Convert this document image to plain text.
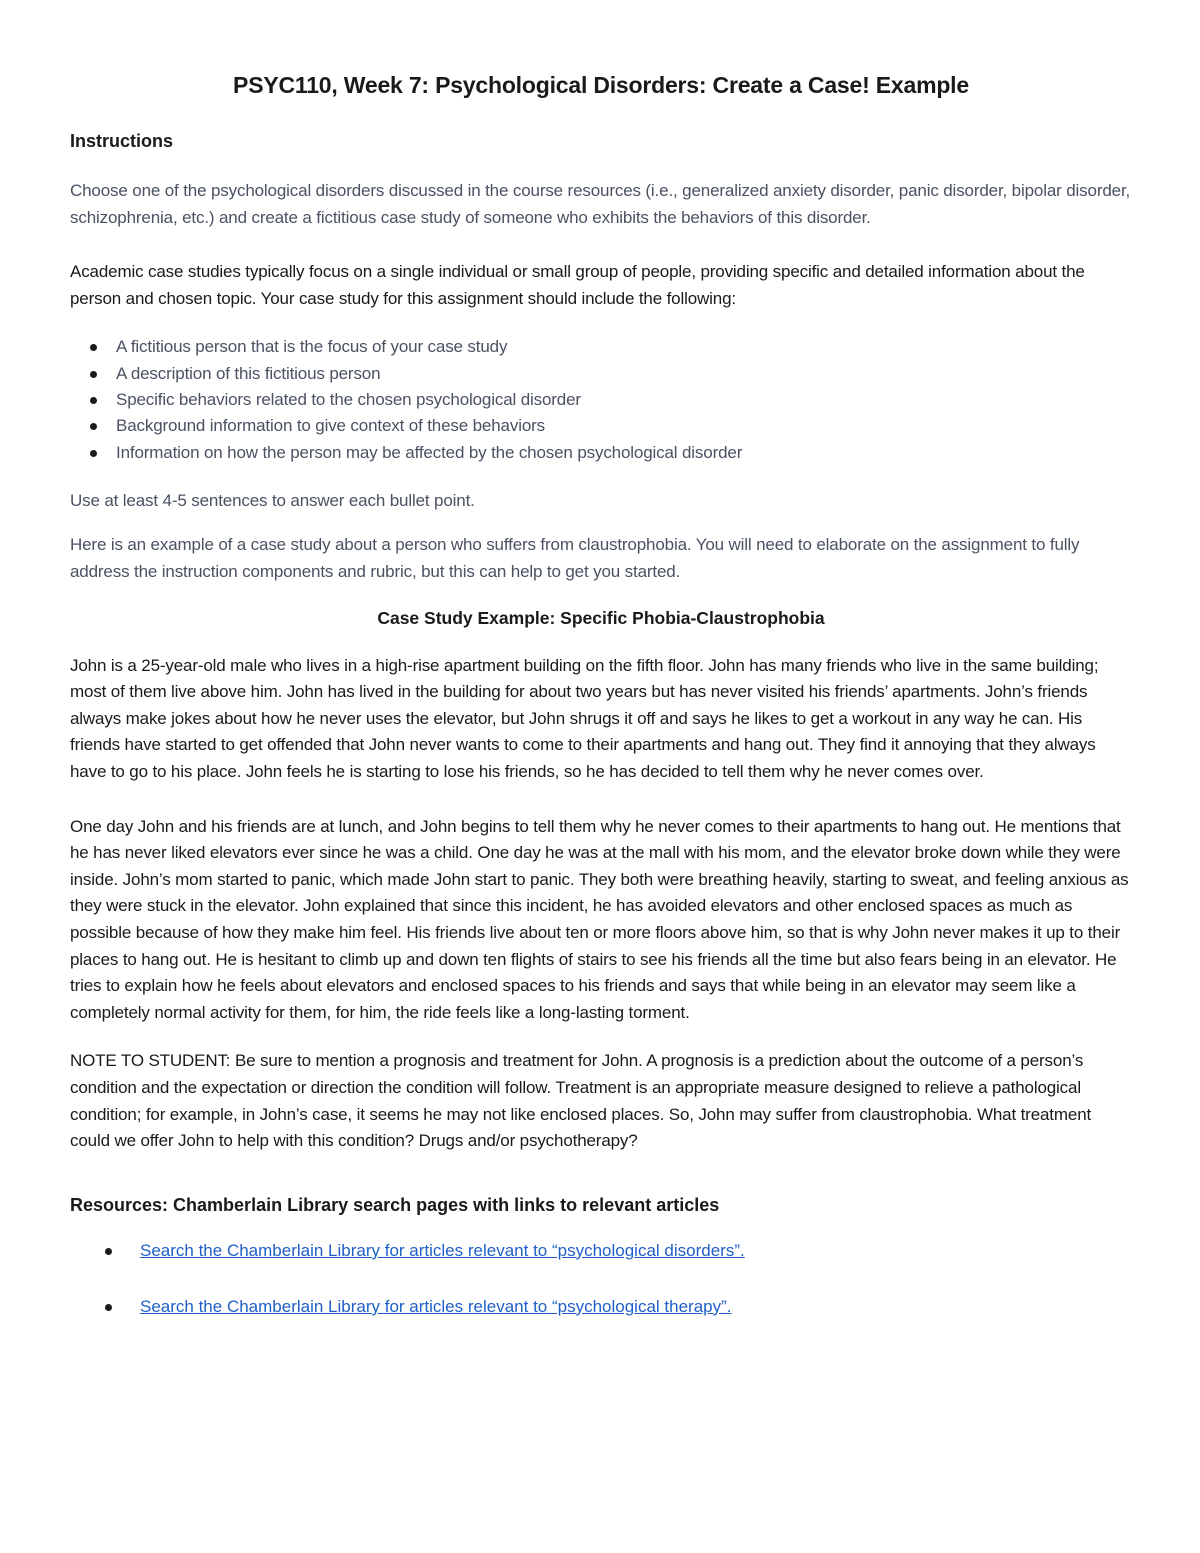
PSYC110, Week 7: Psychological Disorders: Create a Case! Example
Instructions

Choose one of the psychological disorders discussed in the course resources (i.e., generalized anxiety disorder, panic disorder, bipolar disorder, schizophrenia, etc.) and create a fictitious case study of someone who exhibits the behaviors of this disorder.

Academic case studies typically focus on a single individual or small group of people, providing specific and detailed information about the person and chosen topic. Your case study for this assignment should include the following:

A fictitious person that is the focus of your case study
A description of this fictitious person
Specific behaviors related to the chosen psychological disorder
Background information to give context of these behaviors
Information on how the person may be affected by the chosen psychological disorder

Use at least 4-5 sentences to answer each bullet point.

Here is an example of a case study about a person who suffers from claustrophobia. You will need to elaborate on the assignment to fully address the instruction components and rubric, but this can help to get you started.

Case Study Example: Specific Phobia-Claustrophobia

John is a 25-year-old male who lives in a high-rise apartment building on the fifth floor. John has many friends who live in the same building; most of them live above him. John has lived in the building for about two years but has never visited his friends’ apartments. John’s friends always make jokes about how he never uses the elevator, but John shrugs it off and says he likes to get a workout in any way he can. His friends have started to get offended that John never wants to come to their apartments and hang out. They find it annoying that they always have to go to his place. John feels he is starting to lose his friends, so he has decided to tell them why he never comes over.

One day John and his friends are at lunch, and John begins to tell them why he never comes to their apartments to hang out. He mentions that he has never liked elevators ever since he was a child. One day he was at the mall with his mom, and the elevator broke down while they were inside. John’s mom started to panic, which made John start to panic. They both were breathing heavily, starting to sweat, and feeling anxious as they were stuck in the elevator. John explained that since this incident, he has avoided elevators and other enclosed spaces as much as possible because of how they make him feel. His friends live about ten or more floors above him, so that is why John never makes it up to their places to hang out. He is hesitant to climb up and down ten flights of stairs to see his friends all the time but also fears being in an elevator. He tries to explain how he feels about elevators and enclosed spaces to his friends and says that while being in an elevator may seem like a completely normal activity for them, for him, the ride feels like a long-lasting torment.

NOTE TO STUDENT: Be sure to mention a prognosis and treatment for John. A prognosis is a prediction about the outcome of a person’s condition and the expectation or direction the condition will follow. Treatment is an appropriate measure designed to relieve a pathological condition; for example, in John’s case, it seems he may not like enclosed places. So, John may suffer from claustrophobia. What treatment could we offer John to help with this condition? Drugs and/or psychotherapy?

Resources: Chamberlain Library search pages with links to relevant articles
Search the Chamberlain Library for articles relevant to “psychological disorders”.
Search the Chamberlain Library for articles relevant to “psychological therapy”.
